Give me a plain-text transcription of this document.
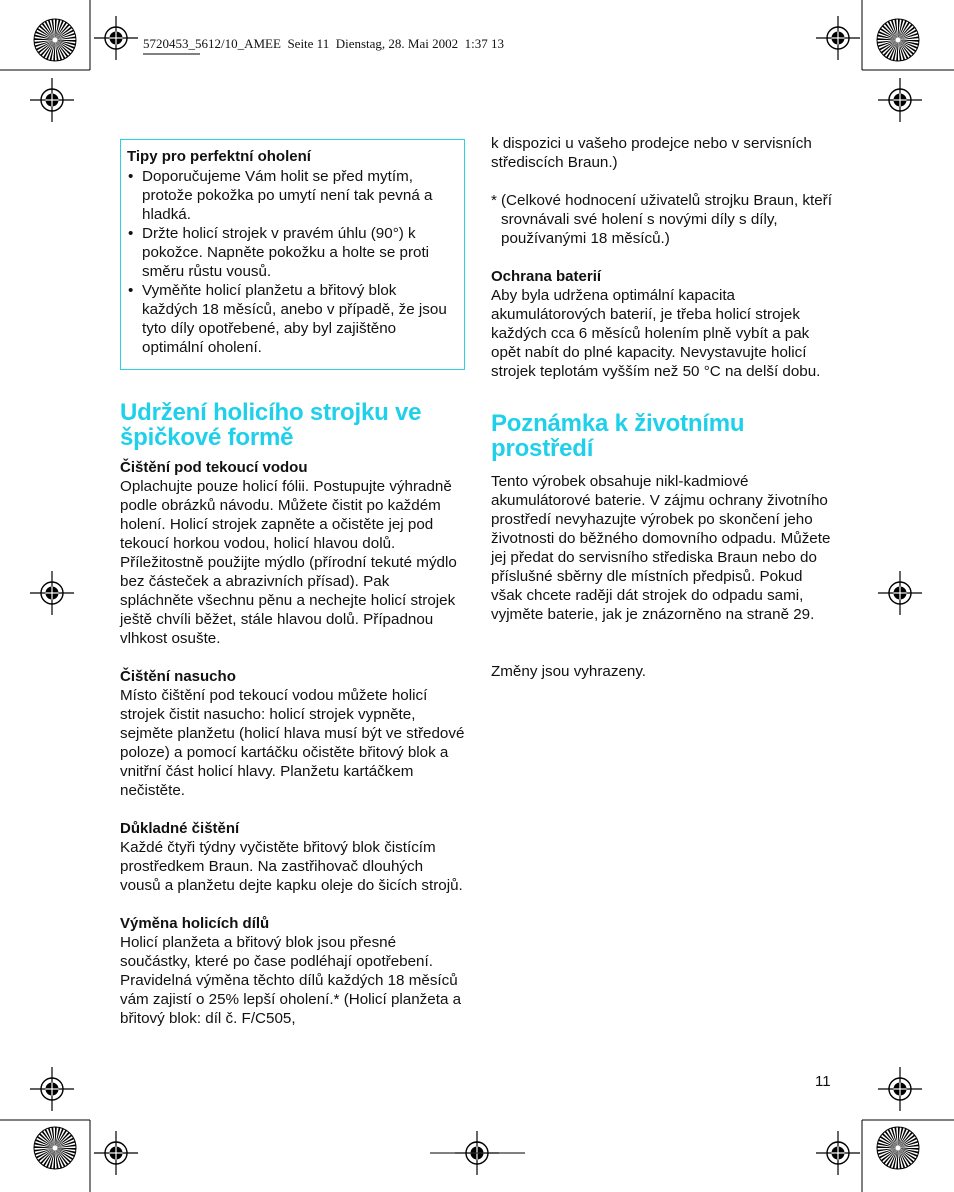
5720453_5612/10_AMEE  Seite 11  Dienstag, 28. Mai 2002  1:37 13
Tipy pro perfektní oholení
• Doporučujeme Vám holit se před mytím, protože pokožka po umytí není tak pevná a hladká.
• Držte holicí strojek v pravém úhlu (90°) k pokožce. Napněte pokožku a holte se proti směru růstu vousů.
• Vyměňte holicí planžetu a břitový blok každých 18 měsíců, anebo v případě, že jsou tyto díly opotřebené, aby byl zajištěno optimální oholení.
Udržení holicího strojku ve špičkové formě
Čištění pod tekoucí vodou

Oplachujte pouze holicí fólii. Postupujte výhradně podle obrázků návodu. Můžete čistit po každém holení. Holicí strojek zapněte a očistěte jej pod tekoucí horkou vodou, holicí hlavou dolů. Příležitostně použijte mýdlo (přírodní tekuté mýdlo bez částeček a abrazivních přísad). Pak spláchněte všechnu pěnu a nechejte holicí strojek ještě chvíli běžet, stále hlavou dolů. Případnou vlhkost osušte.

Čištění nasucho

Místo čištění pod tekoucí vodou můžete holicí strojek čistit nasucho: holicí strojek vypněte, sejměte planžetu (holicí hlava musí být ve středové poloze) a pomocí kartáčku očistěte břitový blok a vnitřní část holicí hlavy. Planžetu kartáčkem nečistěte.

Důkladné čištění

Každé čtyři týdny vyčistěte břitový blok čistícím prostředkem Braun. Na zastřihovač dlouhých vousů a planžetu dejte kapku oleje do šicích strojů.

Výměna holicích dílů

Holicí planžeta a břitový blok jsou přesné součástky, které po čase podléhají opotřebení. Pravidelná výměna těchto dílů každých 18 měsíců vám zajistí o 25% lepší oholení.* (Holicí planžeta a břitový blok: díl č. F/C505,

k dispozici u vašeho prodejce nebo v servisních střediscích Braun.)

* (Celkové hodnocení uživatelů strojku Braun, kteří srovnávali své holení s novými díly s díly, používanými 18 měsíců.)
Ochrana baterií

Aby byla udržena optimální kapacita akumulátorových baterií, je třeba holicí strojek každých cca 6 měsíců holením plně vybít a pak opět nabít do plné kapacity. Nevystavujte holicí strojek teplotám vyšším než 50 °C na delší dobu.

Poznámka k životnímu prostředí

Tento výrobek obsahuje nikl-kadmiové akumulátorové baterie. V zájmu ochrany životního prostředí nevyhazujte výrobek po skončení jeho životnosti do běžného domovního odpadu. Můžete jej předat do servisního střediska Braun nebo do příslušné sběrny dle místních předpisů. Pokud však chcete raději dát strojek do odpadu sami, vyjměte baterie, jak je znázorněno na straně 29.

Změny jsou vyhrazeny.

11
